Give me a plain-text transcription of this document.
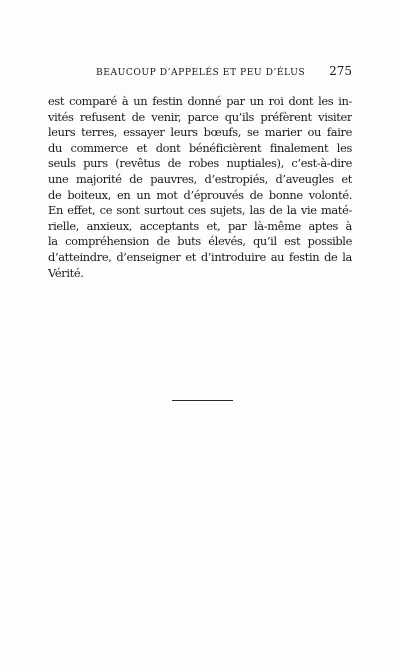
BEAUCOUP D’APPELÉS ET PEU D’ÉLUS 275
est comparé à un festin donné par un roi dont les in-
vités refusent de venir, parce qu’ils préfèrent visiter
leurs terres, essayer leurs bœufs, se marier ou faire
du commerce et dont bénéficièrent finalement les
seuls purs (revêtus de robes nuptiales), c’est-à-dire
une majorité de pauvres, d’estropiés, d’aveugles et
de boiteux, en un mot d’éprouvés de bonne volonté.
En effet, ce sont surtout ces sujets, las de la vie maté-
rielle, anxieux, acceptants et, par là-même aptes à
la compréhension de buts élevés, qu’il est possible
d’atteindre, d’enseigner et d’introduire au festin de la
Vérité.
